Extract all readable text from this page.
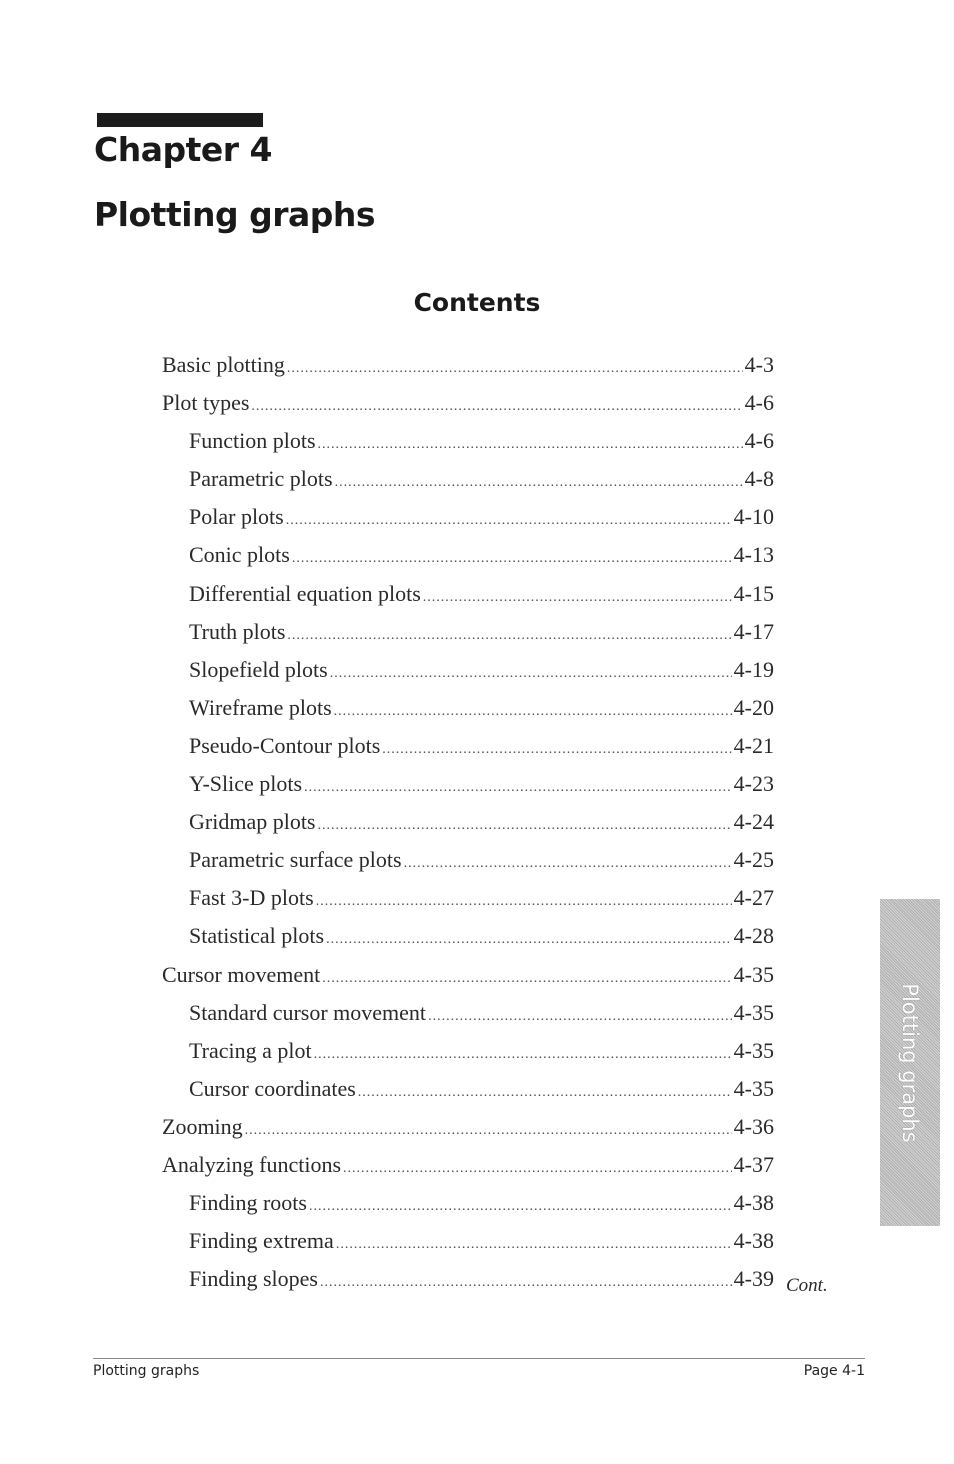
Chapter 4
Plotting graphs
Contents
Basic plotting .....	4-3
Plot types .....	4-6
Function plots .....	4-6
Parametric plots .....	4-8
Polar plots .....	4-10
Conic plots .....	4-13
Differential equation plots .....	4-15
Truth plots .....	4-17
Slopefield plots .....	4-19
Wireframe plots .....	4-20
Pseudo-Contour plots .....	4-21
Y-Slice plots .....	4-23
Gridmap plots .....	4-24
Parametric surface plots .....	4-25
Fast 3-D plots .....	4-27
Statistical plots .....	4-28
Cursor movement .....	4-35
Standard cursor movement .....	4-35
Tracing a plot .....	4-35
Cursor coordinates .....	4-35
Zooming .....	4-36
Analyzing functions .....	4-37
Finding roots .....	4-38
Finding extrema .....	4-38
Finding slopes .....	4-39 Cont.
Plotting graphs
Plotting graphs	Page 4-1
